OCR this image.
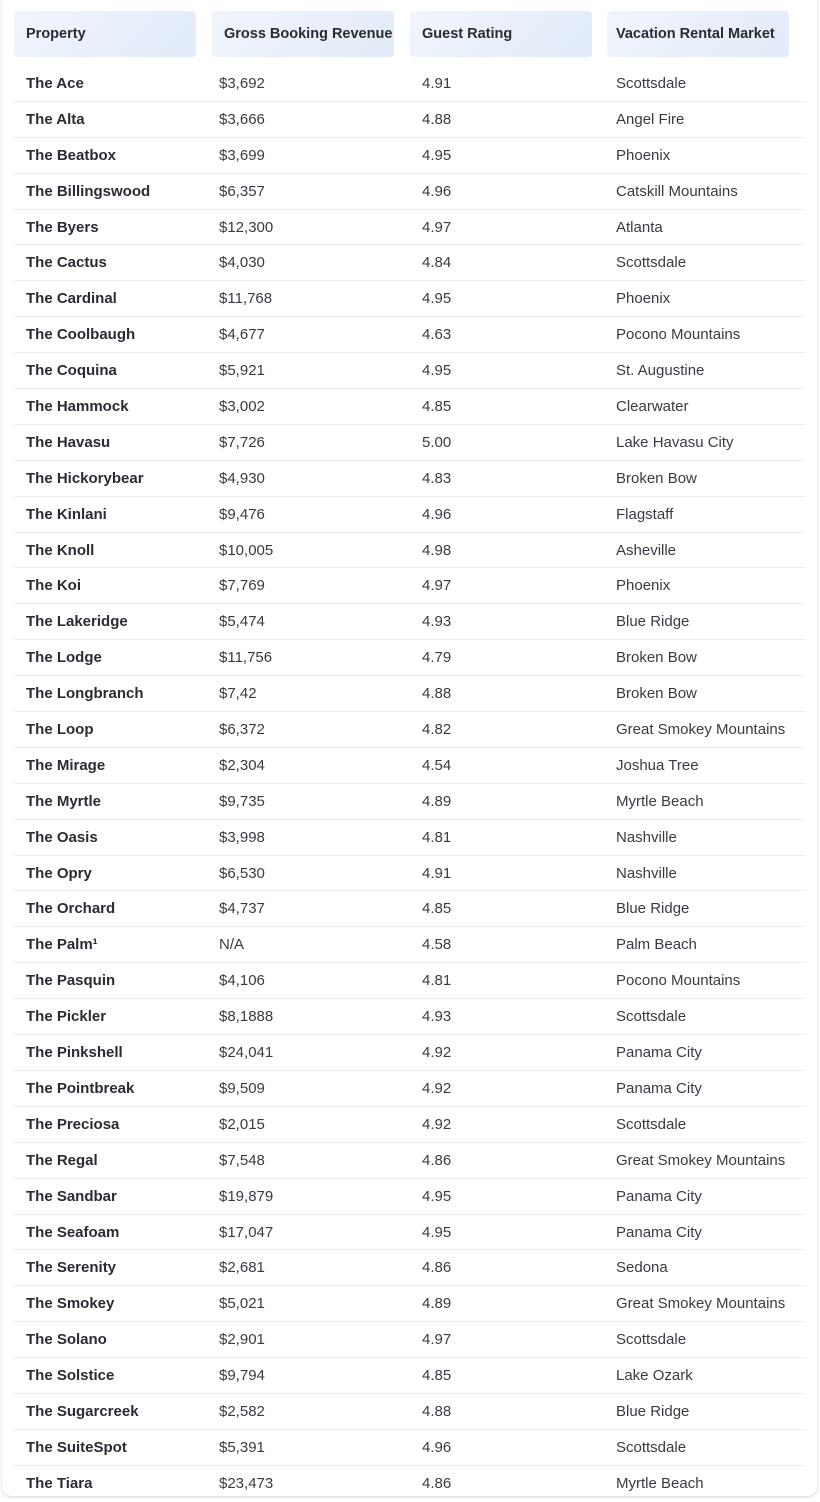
Property	Gross Booking Revenue	Guest Rating	Vacation Rental Market
The Ace	$3,692	4.91	Scottsdale
The Alta	$3,666	4.88	Angel Fire
The Beatbox	$3,699	4.95	Phoenix
The Billingswood	$6,357	4.96	Catskill Mountains
The Byers	$12,300	4.97	Atlanta
The Cactus	$4,030	4.84	Scottsdale
The Cardinal	$11,768	4.95	Phoenix
The Coolbaugh	$4,677	4.63	Pocono Mountains
The Coquina	$5,921	4.95	St. Augustine
The Hammock	$3,002	4.85	Clearwater
The Havasu	$7,726	5.00	Lake Havasu City
The Hickorybear	$4,930	4.83	Broken Bow
The Kinlani	$9,476	4.96	Flagstaff
The Knoll	$10,005	4.98	Asheville
The Koi	$7,769	4.97	Phoenix
The Lakeridge	$5,474	4.93	Blue Ridge
The Lodge	$11,756	4.79	Broken Bow
The Longbranch	$7,42	4.88	Broken Bow
The Loop	$6,372	4.82	Great Smokey Mountains
The Mirage	$2,304	4.54	Joshua Tree
The Myrtle	$9,735	4.89	Myrtle Beach
The Oasis	$3,998	4.81	Nashville
The Opry	$6,530	4.91	Nashville
The Orchard	$4,737	4.85	Blue Ridge
The Palm¹	N/A	4.58	Palm Beach
The Pasquin	$4,106	4.81	Pocono Mountains
The Pickler	$8,1888	4.93	Scottsdale
The Pinkshell	$24,041	4.92	Panama City
The Pointbreak	$9,509	4.92	Panama City
The Preciosa	$2,015	4.92	Scottsdale
The Regal	$7,548	4.86	Great Smokey Mountains
The Sandbar	$19,879	4.95	Panama City
The Seafoam	$17,047	4.95	Panama City
The Serenity	$2,681	4.86	Sedona
The Smokey	$5,021	4.89	Great Smokey Mountains
The Solano	$2,901	4.97	Scottsdale
The Solstice	$9,794	4.85	Lake Ozark
The Sugarcreek	$2,582	4.88	Blue Ridge
The SuiteSpot	$5,391	4.96	Scottsdale
The Tiara	$23,473	4.86	Myrtle Beach
